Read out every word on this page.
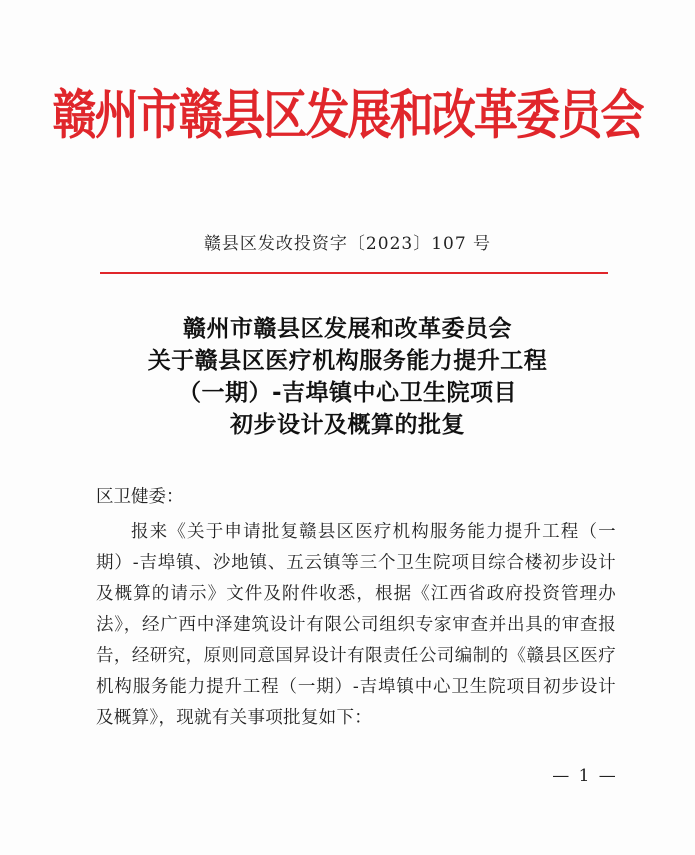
赣州市赣县区发展和改革委员会
赣县区发改投资字〔2023〕107 号
赣州市赣县区发展和改革委员会
关于赣县区医疗机构服务能力提升工程
（一期）-吉埠镇中心卫生院项目
初步设计及概算的批复
区卫健委：
报来《关于申请批复赣县区医疗机构服务能力提升工程（一期）-吉埠镇、沙地镇、五云镇等三个卫生院项目综合楼初步设计及概算的请示》文件及附件收悉，根据《江西省政府投资管理办法》，经广西中泽建筑设计有限公司组织专家审查并出具的审查报告，经研究，原则同意国昇设计有限责任公司编制的《赣县区医疗机构服务能力提升工程（一期）-吉埠镇中心卫生院项目初步设计及概算》，现就有关事项批复如下：
— 1 —
